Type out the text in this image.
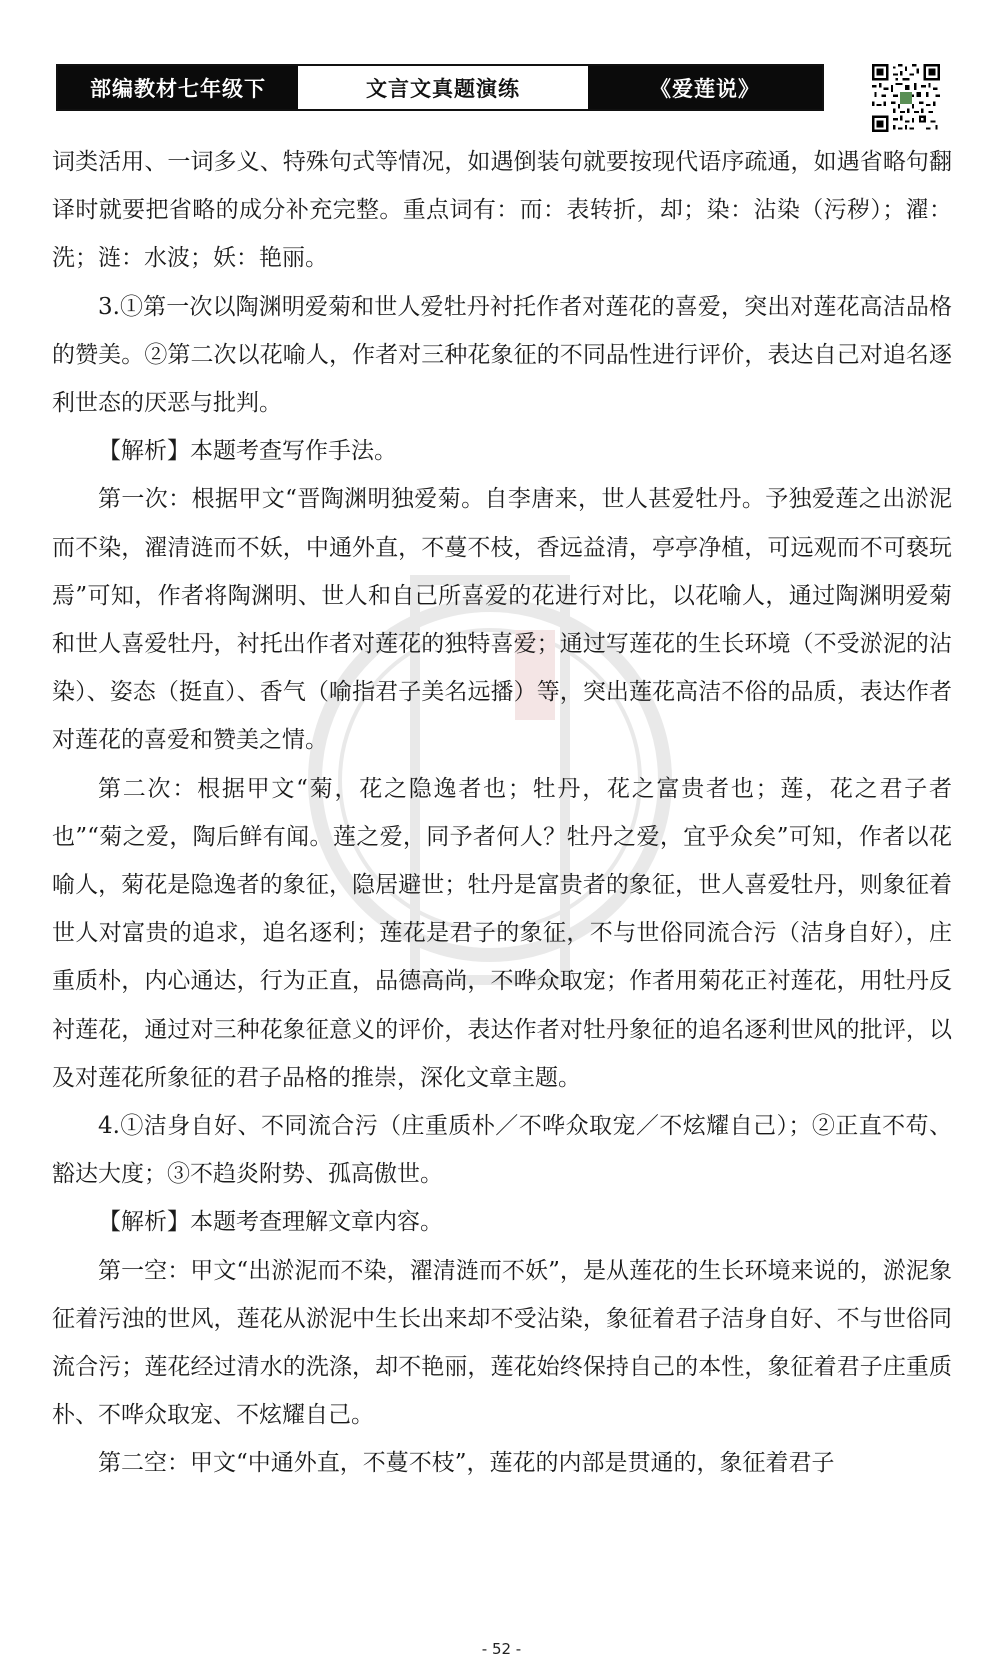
部编教材七年级下	文言文真题演练	《爱莲说》

词类活用、一词多义、特殊句式等情况，如遇倒装句就要按现代语序疏通，如遇省略句翻译时就要把省略的成分补充完整。重点词有：而：表转折，却；染：沾染（污秽）；濯：洗；涟：水波；妖：艳丽。

3.①第一次以陶渊明爱菊和世人爱牡丹衬托作者对莲花的喜爱，突出对莲花高洁品格的赞美。②第二次以花喻人，作者对三种花象征的不同品性进行评价，表达自己对追名逐利世态的厌恶与批判。

【解析】本题考查写作手法。

第一次：根据甲文“晋陶渊明独爱菊。自李唐来，世人甚爱牡丹。予独爱莲之出淤泥而不染，濯清涟而不妖，中通外直，不蔓不枝，香远益清，亭亭净植，可远观而不可亵玩焉”可知，作者将陶渊明、世人和自己所喜爱的花进行对比，以花喻人，通过陶渊明爱菊和世人喜爱牡丹，衬托出作者对莲花的独特喜爱；通过写莲花的生长环境（不受淤泥的沾染）、姿态（挺直）、香气（喻指君子美名远播）等，突出莲花高洁不俗的品质，表达作者对莲花的喜爱和赞美之情。

第二次：根据甲文“菊，花之隐逸者也；牡丹，花之富贵者也；莲，花之君子者也”“菊之爱，陶后鲜有闻。莲之爱，同予者何人？牡丹之爱，宜乎众矣”可知，作者以花喻人，菊花是隐逸者的象征，隐居避世；牡丹是富贵者的象征，世人喜爱牡丹，则象征着世人对富贵的追求，追名逐利；莲花是君子的象征，不与世俗同流合污（洁身自好），庄重质朴，内心通达，行为正直，品德高尚，不哗众取宠；作者用菊花正衬莲花，用牡丹反衬莲花，通过对三种花象征意义的评价，表达作者对牡丹象征的追名逐利世风的批评，以及对莲花所象征的君子品格的推崇，深化文章主题。

4.①洁身自好、不同流合污（庄重质朴／不哗众取宠／不炫耀自己）；②正直不苟、豁达大度；③不趋炎附势、孤高傲世。

【解析】本题考查理解文章内容。

第一空：甲文“出淤泥而不染，濯清涟而不妖”，是从莲花的生长环境来说的，淤泥象征着污浊的世风，莲花从淤泥中生长出来却不受沾染，象征着君子洁身自好、不与世俗同流合污；莲花经过清水的洗涤，却不艳丽，莲花始终保持自己的本性，象征着君子庄重质朴、不哗众取宠、不炫耀自己。

第二空：甲文“中通外直，不蔓不枝”，莲花的内部是贯通的，象征着君子

- 52 -
